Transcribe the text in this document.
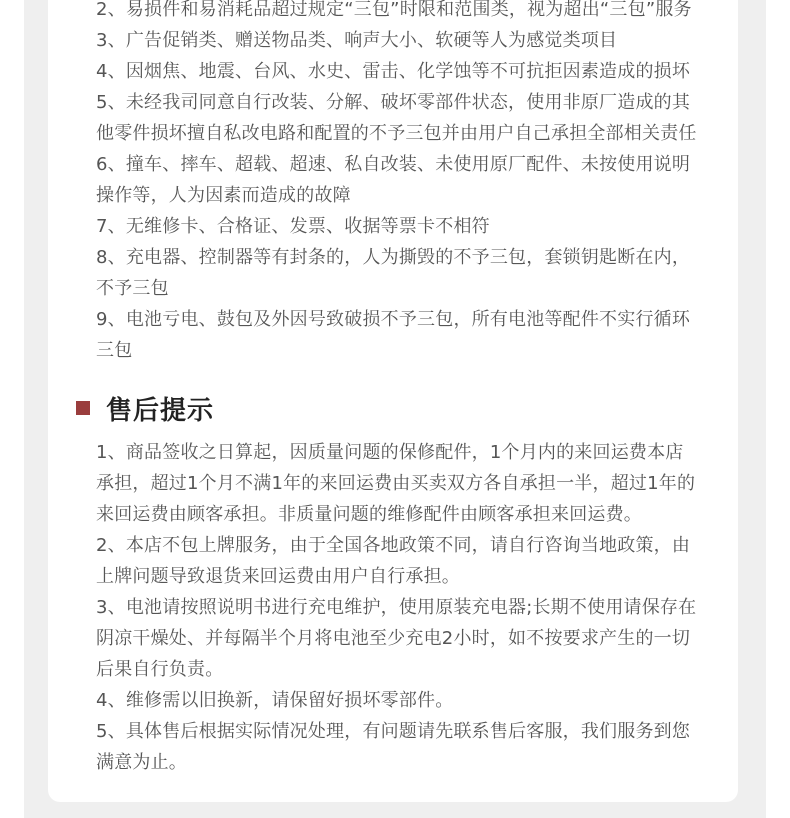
2、易损件和易消耗品超过规定“三包”时限和范围类，视为超出“三包”服务

3、广告促销类、赠送物品类、响声大小、软硬等人为感觉类项目

4、因烟焦、地震、台风、水史、雷击、化学蚀等不可抗拒因素造成的损坏

5、未经我司同意自行改装、分解、破坏零部件状态，使用非原厂造成的其

他零件损坏擅自私改电路和配置的不予三包并由用户自己承担全部相关责任

6、撞车、摔车、超载、超速、私自改装、未使用原厂配件、未按使用说明

操作等，人为因素而造成的故障

7、无维修卡、合格证、发票、收据等票卡不相符

8、充电器、控制器等有封条的，人为撕毁的不予三包，套锁钥匙断在内，

不予三包

9、电池亏电、鼓包及外因号致破损不予三包，所有电池等配件不实行循环

三包

售后提示

1、商品签收之日算起，因质量问题的保修配件，1个月内的来回运费本店

承担，超过1个月不满1年的来回运费由买卖双方各自承担一半，超过1年的

来回运费由顾客承担。非质量问题的维修配件由顾客承担来回运费。

2、本店不包上牌服务，由于全国各地政策不同，请自行咨询当地政策，由

上牌问题导致退货来回运费由用户自行承担。

3、电池请按照说明书进行充电维护，使用原装充电器;长期不使用请保存在

阴凉干燥处、并每隔半个月将电池至少充电2小时，如不按要求产生的一切

后果自行负责。

4、维修需以旧换新，请保留好损坏零部件。

5、具体售后根据实际情况处理，有问题请先联系售后客服，我们服务到您

满意为止。
